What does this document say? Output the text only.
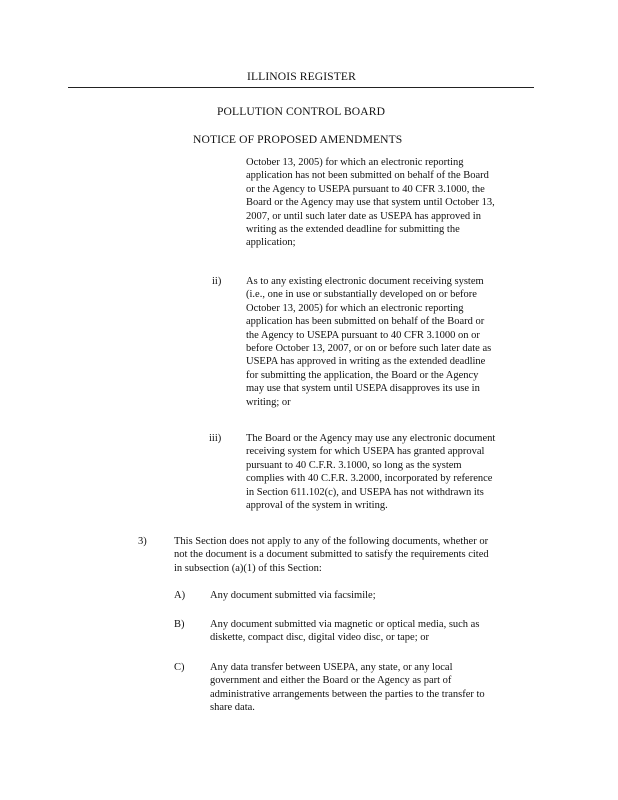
ILLINOIS REGISTER
POLLUTION CONTROL BOARD
NOTICE OF PROPOSED AMENDMENTS
October 13, 2005) for which an electronic reporting
application has not been submitted on behalf of the Board
or the Agency to USEPA pursuant to 40 CFR 3.1000, the
Board or the Agency may use that system until October 13,
2007, or until such later date as USEPA has approved in
writing as the extended deadline for submitting the
application;
ii) As to any existing electronic document receiving system
(i.e., one in use or substantially developed on or before
October 13, 2005) for which an electronic reporting
application has been submitted on behalf of the Board or
the Agency to USEPA pursuant to 40 CFR 3.1000 on or
before October 13, 2007, or on or before such later date as
USEPA has approved in writing as the extended deadline
for submitting the application, the Board or the Agency
may use that system until USEPA disapproves its use in
writing; or
iii) The Board or the Agency may use any electronic document
receiving system for which USEPA has granted approval
pursuant to 40 C.F.R. 3.1000, so long as the system
complies with 40 C.F.R. 3.2000, incorporated by reference
in Section 611.102(c), and USEPA has not withdrawn its
approval of the system in writing.
3)	This Section does not apply to any of the following documents, whether or
not the document is a document submitted to satisfy the requirements cited
in subsection (a)(1) of this Section:
A) Any document submitted via facsimile;
B) Any document submitted via magnetic or optical media, such as
diskette, compact disc, digital video disc, or tape; or
C) Any data transfer between USEPA, any state, or any local
government and either the Board or the Agency as part of
administrative arrangements between the parties to the transfer to
share data.
